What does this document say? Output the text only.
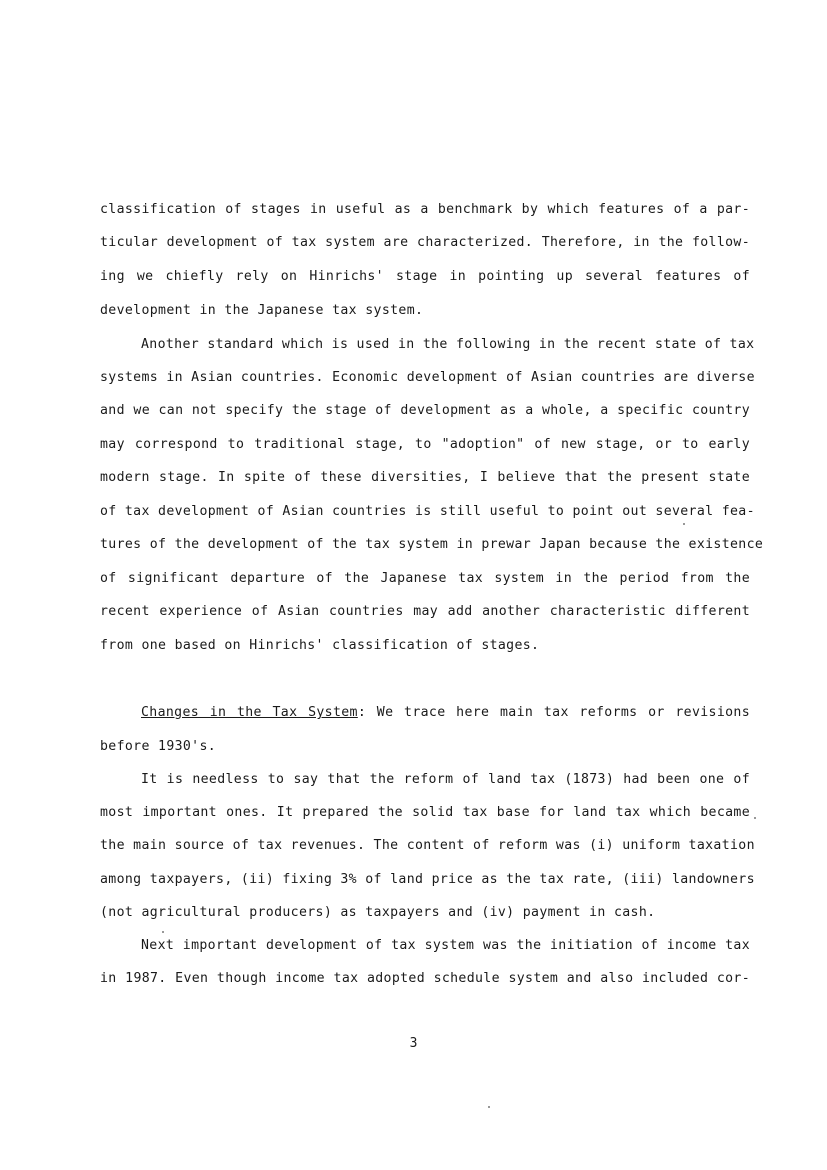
classification of stages in useful as a benchmark by which features of a par-
ticular development of tax system are characterized. Therefore, in the follow-
ing we chiefly rely on Hinrichs' stage in pointing up several features of
development in the Japanese tax system.
Another standard which is used in the following in the recent state of tax
systems in Asian countries. Economic development of Asian countries are diverse
and we can not specify the stage of development as a whole, a specific country
may correspond to traditional stage, to "adoption" of new stage, or to early
modern stage. In spite of these diversities, I believe that the present state
of tax development of Asian countries is still useful to point out several fea-
tures of the development of the tax system in prewar Japan because the existence
of significant departure of the Japanese tax system in the period from the
recent experience of Asian countries may add another characteristic different
from one based on Hinrichs' classification of stages.
Changes in the Tax System: We trace here main tax reforms or revisions
before 1930's.
It is needless to say that the reform of land tax (1873) had been one of
most important ones. It prepared the solid tax base for land tax which became
the main source of tax revenues. The content of reform was (i) uniform taxation
among taxpayers, (ii) fixing 3% of land price as the tax rate, (iii) landowners
(not agricultural producers) as taxpayers and (iv) payment in cash.
Next important development of tax system was the initiation of income tax
in 1987. Even though income tax adopted schedule system and also included cor-
3
